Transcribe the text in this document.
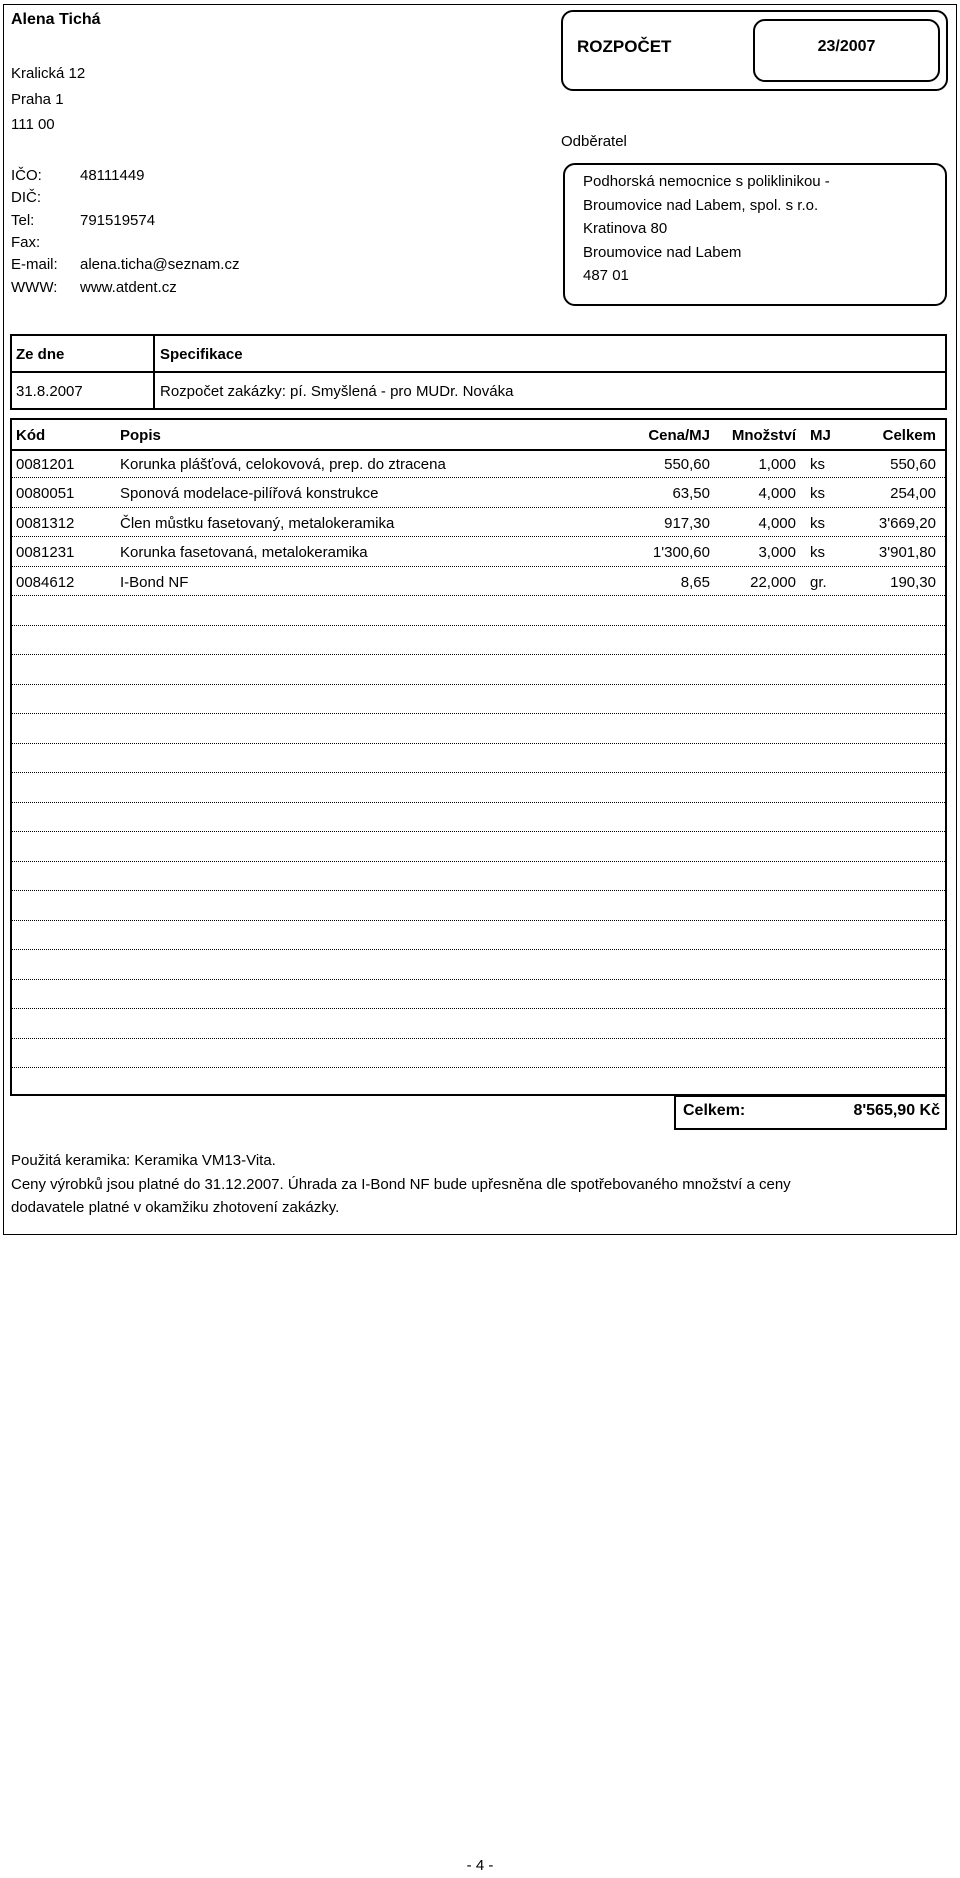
Alena Tichá
Kralická 12
Praha 1
111 00
IČO:	48111449
DIČ:
Tel:	791519574
Fax:
E-mail: alena.ticha@seznam.cz
WWW: www.atdent.cz
ROZPOČET	23/2007
Odběratel
Podhorská nemocnice s poliklinikou -
Broumovice nad Labem, spol. s r.o.
Kratinova 80
Broumovice nad Labem
487 01
Ze dne	Specifikace
31.8.2007	Rozpočet zakázky: pí. Smyšlená - pro MUDr. Nováka
Kód	Popis	Cena/MJ	Množství MJ	Celkem
0081201	Korunka plášťová, celokovová, prep. do ztracena	550,60	1,000 ks	550,60
0080051	Sponová modelace-pilířová konstrukce	63,50	4,000 ks	254,00
0081312	Člen můstku fasetovaný, metalokeramika	917,30	4,000 ks	3'669,20
0081231	Korunka fasetovaná, metalokeramika	1'300,60	3,000 ks	3'901,80
0084612	I-Bond NF	8,65	22,000 gr.	190,30
Celkem:	8'565,90 Kč
Použitá keramika: Keramika VM13-Vita.
Ceny výrobků jsou platné do 31.12.2007. Úhrada za I-Bond NF bude upřesněna dle spotřebovaného množství a ceny
dodavatele platné v okamžiku zhotovení zakázky.
- 4 -
